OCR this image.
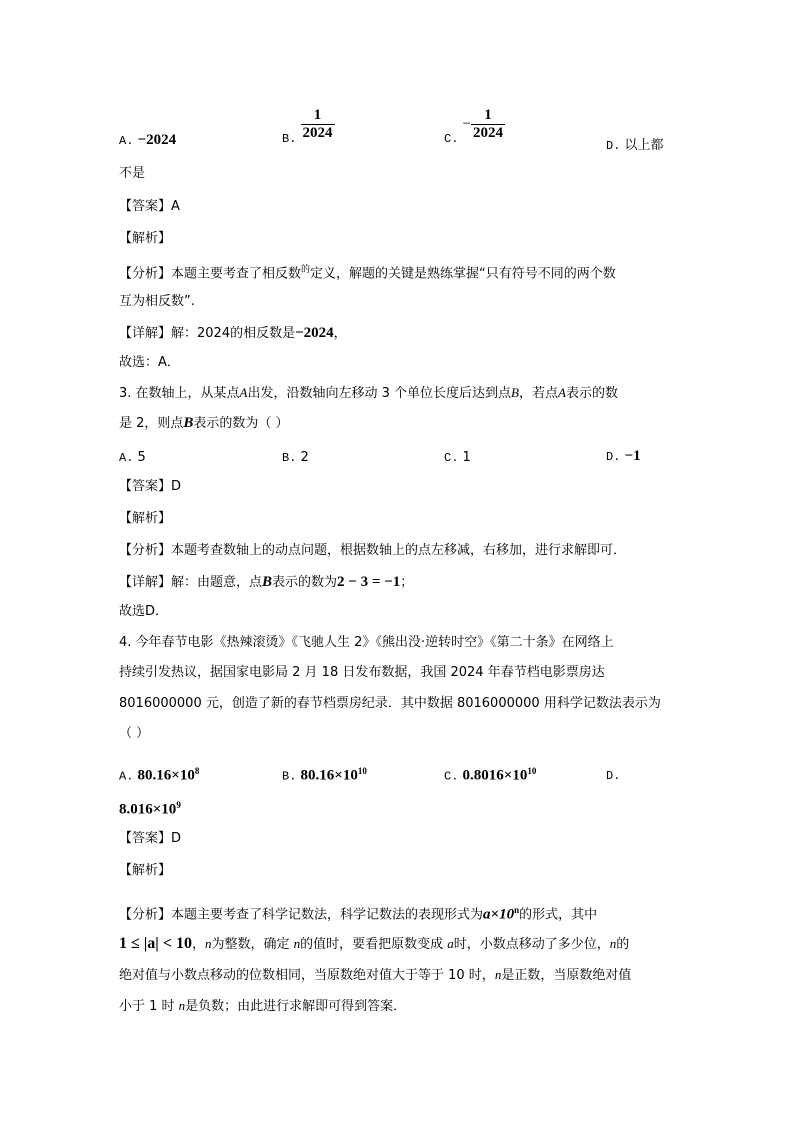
A. −2024	B. $\frac{1}{2024}$	C. − $\frac{1}{2024}$
D. 以上都
不是
【答案】A
【解析】
【分析】本题主要考查了相反数$^的$定义，解题的关键是熟练掌握“只有符号不同的两个数
互为相反数”.
【详解】解：2024的相反数是−2024，
故选：A．
3. 在数轴上，从某点A出发，沿数轴向左移动 3 个单位长度后达到点B，若点A表示的数
是 2，则点B表示的数为（ ）
A. 5	B. 2	C. 1	D. −1
【答案】D
【解析】
【分析】本题考查数轴上的动点问题，根据数轴上的点左移减，右移加，进行求解即可．
【详解】解：由题意，点B表示的数为2 − 3 = −1；
故选D．
4. 今年春节电影《热辣滚烫》《飞驰人生 2》《熊出没·逆转时空》《第二十条》在网络上
持续引发热议，据国家电影局 2 月 18 日发布数据，我国 2024 年春节档电影票房达
8016000000 元，创造了新的春节档票房纪录．其中数据 8016000000 用科学记数法表示为
（ ）
A. $80.16\times 10^8$	B. $80.16\times 10^{10}$	C. $0.8016\times 10^{10}$	D.
$8.016\times 10^9$
【答案】D
【解析】
【分析】本题主要考查了科学记数法，科学记数法的表现形式为$a\times 10^n$的形式，其中
1 ≤ |a| < 10，n为整数，确定 n的值时，要看把原数变成 a时，小数点移动了多少位，n的
绝对值与小数点移动的位数相同，当原数绝对值大于等于 10 时，n是正数，当原数绝对值
小于 1 时 n是负数；由此进行求解即可得到答案．
